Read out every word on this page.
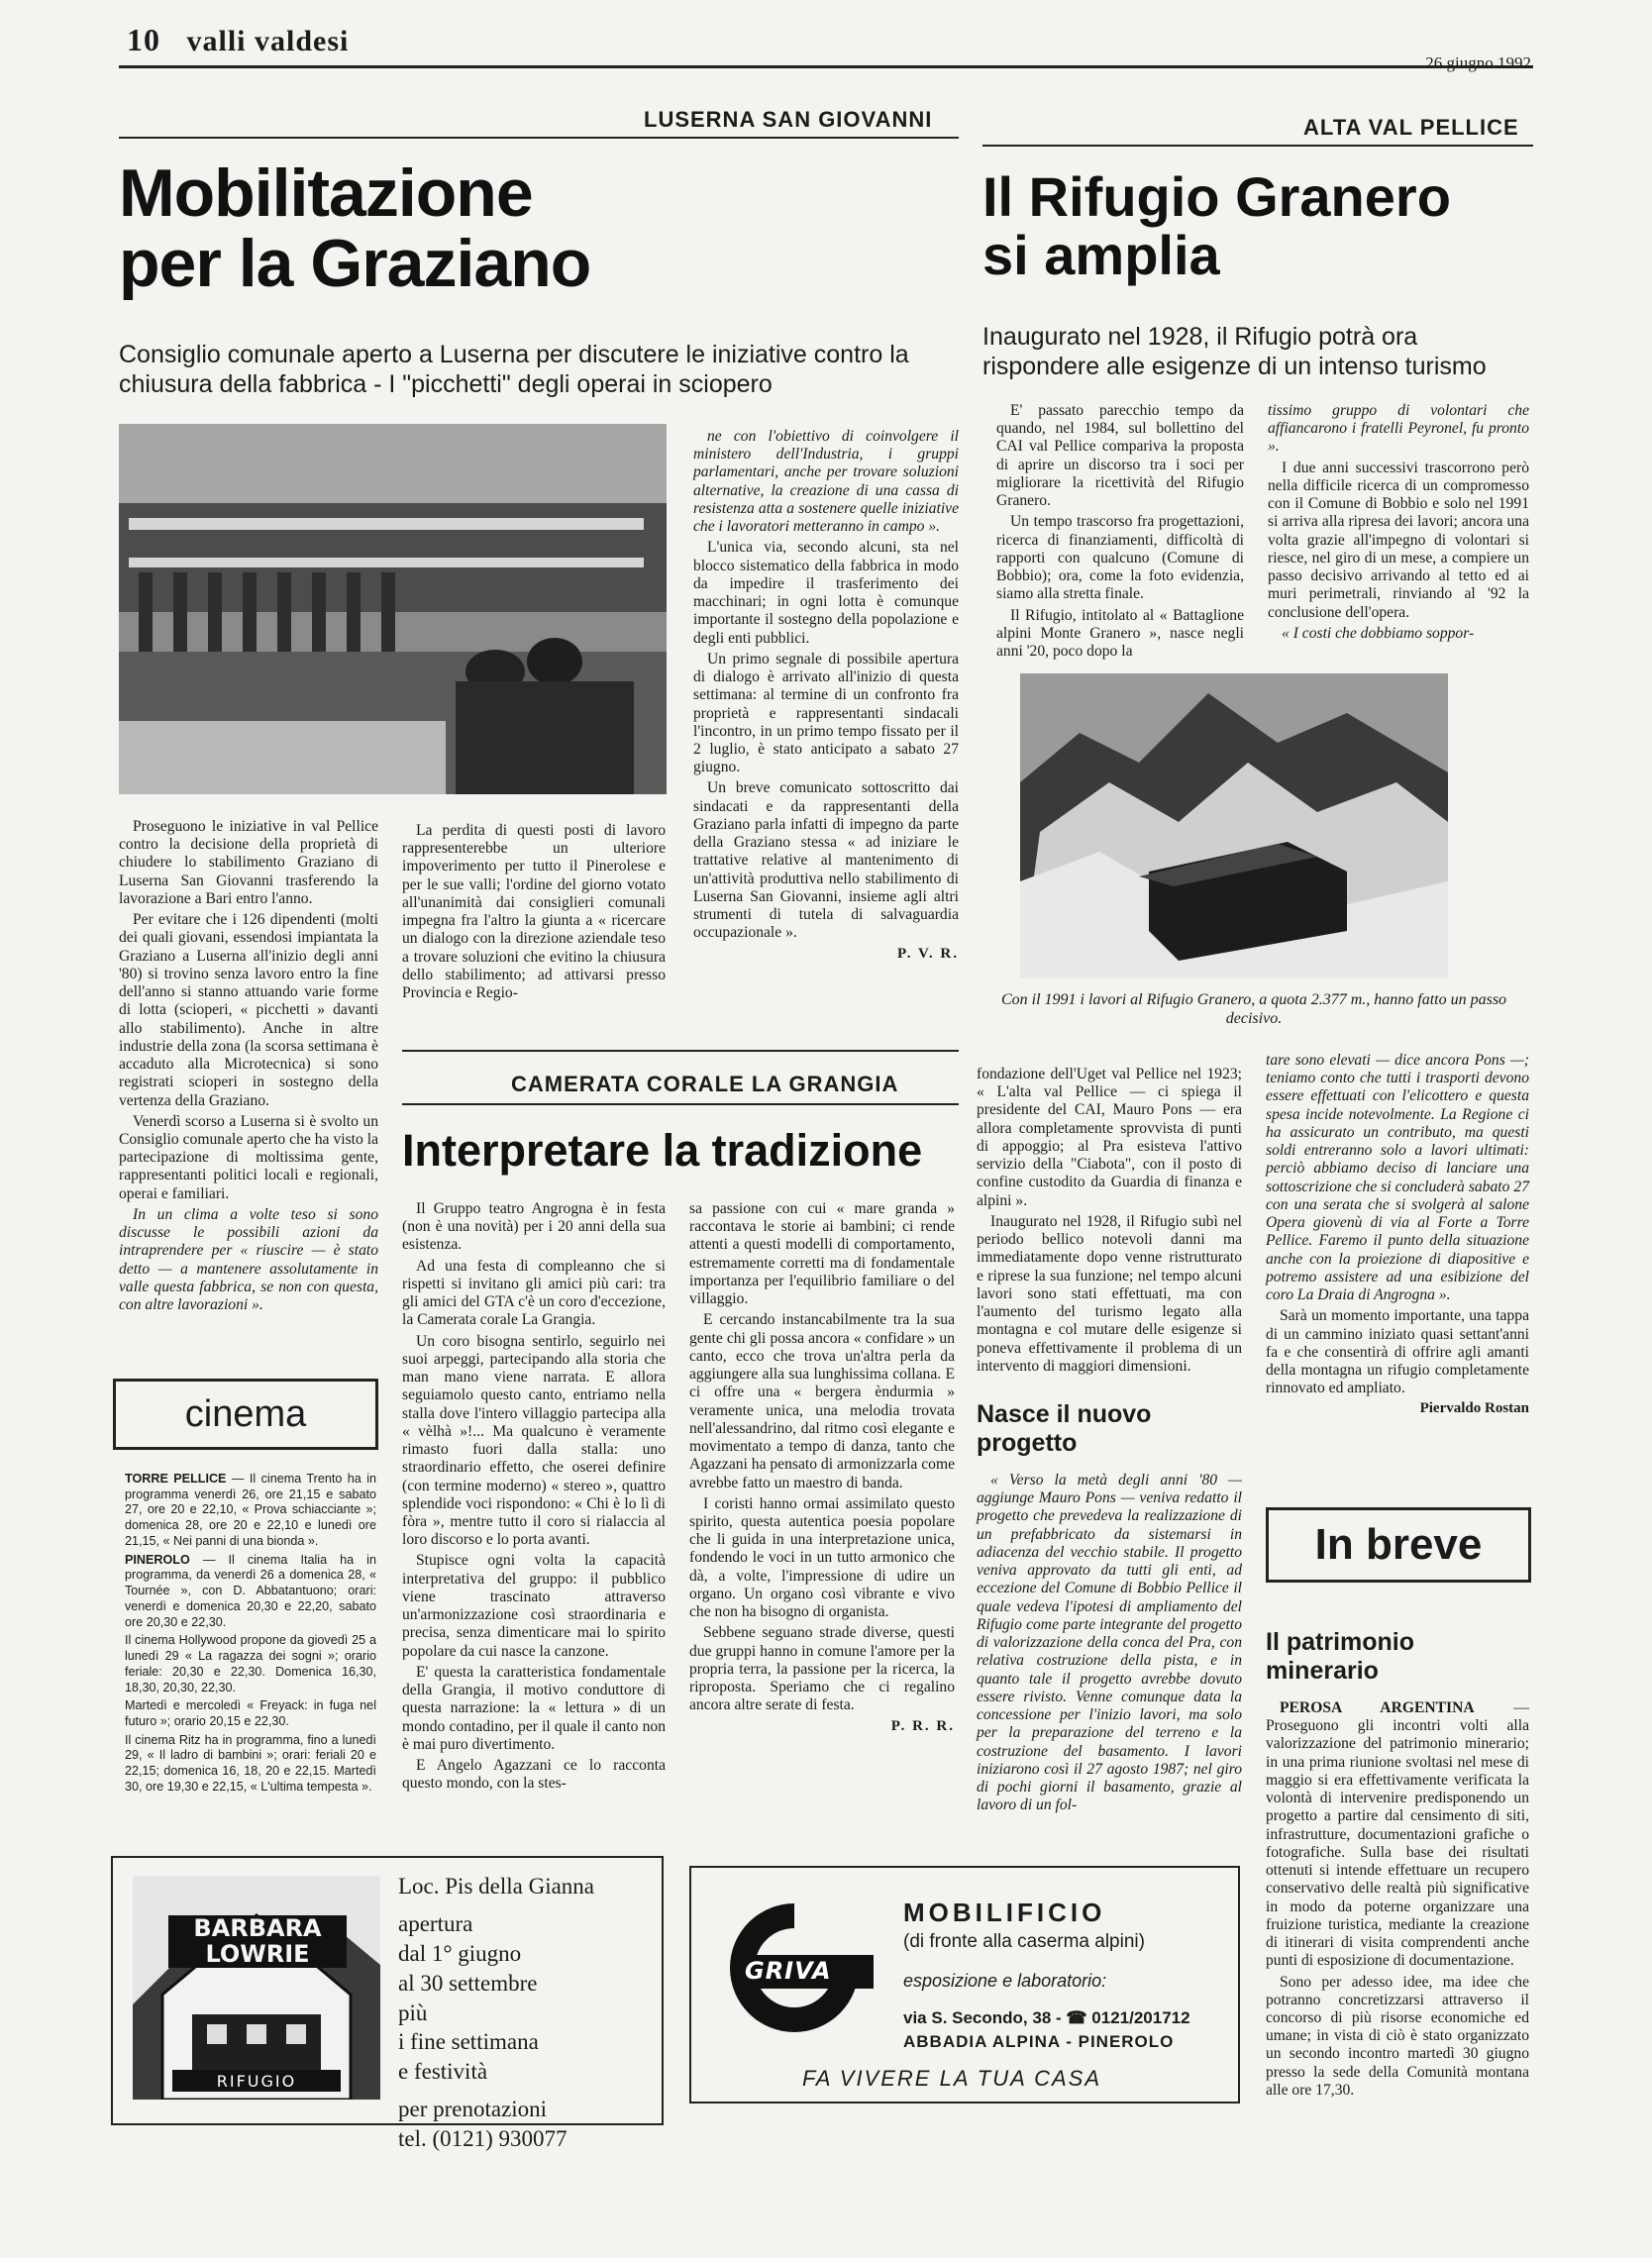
10 valli valdesi
26 giugno 1992
LUSERNA SAN GIOVANNI
Mobilitazione
per la Graziano
Consiglio comunale aperto a Luserna per discutere le iniziative contro la chiusura della fabbrica - I "picchetti" degli operai in sciopero

Proseguono le iniziative in val Pellice contro la decisione della proprietà di chiudere lo stabilimento Graziano di Luserna San Giovanni trasferendo la lavorazione a Bari entro l'anno.

Per evitare che i 126 dipendenti (molti dei quali giovani, essendosi impiantata la Graziano a Luserna all'inizio degli anni '80) si trovino senza lavoro entro la fine dell'anno si stanno attuando varie forme di lotta (scioperi, « picchetti » davanti allo stabilimento). Anche in altre industrie della zona (la scorsa settimana è accaduto alla Microtecnica) si sono registrati scioperi in sostegno della vertenza della Graziano.

Venerdì scorso a Luserna si è svolto un Consiglio comunale aperto che ha visto la partecipazione di moltissima gente, rappresentanti politici locali e regionali, operai e familiari.

In un clima a volte teso si sono discusse le possibili azioni da intraprendere per « riuscire — è stato detto — a mantenere assolutamente in valle questa fabbrica, se non con questa, con altre lavorazioni ».

La perdita di questi posti di lavoro rappresenterebbe un ulteriore impoverimento per tutto il Pinerolese e per le sue valli; l'ordine del giorno votato all'unanimità dai consiglieri comunali impegna fra l'altro la giunta a « ricercare un dialogo con la direzione aziendale teso a trovare soluzioni che evitino la chiusura dello stabilimento; ad attivarsi presso Provincia e Regio-

ne con l'obiettivo di coinvolgere il ministero dell'Industria, i gruppi parlamentari, anche per trovare soluzioni alternative, la creazione di una cassa di resistenza atta a sostenere quelle iniziative che i lavoratori metteranno in campo ».

L'unica via, secondo alcuni, sta nel blocco sistematico della fabbrica in modo da impedire il trasferimento dei macchinari; in ogni lotta è comunque importante il sostegno della popolazione e degli enti pubblici.

Un primo segnale di possibile apertura di dialogo è arrivato all'inizio di questa settimana: al termine di un confronto fra proprietà e rappresentanti sindacali l'incontro, in un primo tempo fissato per il 2 luglio, è stato anticipato a sabato 27 giugno.

Un breve comunicato sottoscritto dai sindacati e da rappresentanti della Graziano parla infatti di impegno da parte della Graziano stessa « ad iniziare le trattative relative al mantenimento di un'attività produttiva nello stabilimento di Luserna San Giovanni, insieme agli altri strumenti di tutela di salvaguardia occupazionale ».

P. V. R.
ALTA VAL PELLICE
Il Rifugio Granero
si amplia
Inaugurato nel 1928, il Rifugio potrà ora rispondere alle esigenze di un intenso turismo

E' passato parecchio tempo da quando, nel 1984, sul bollettino del CAI val Pellice compariva la proposta di aprire un discorso tra i soci per migliorare la ricettività del Rifugio Granero.

Un tempo trascorso fra progettazioni, ricerca di finanziamenti, difficoltà di rapporti con qualcuno (Comune di Bobbio); ora, come la foto evidenzia, siamo alla stretta finale.

Il Rifugio, intitolato al « Battaglione alpini Monte Granero », nasce negli anni '20, poco dopo la

tissimo gruppo di volontari che affiancarono i fratelli Peyronel, fu pronto ».

I due anni successivi trascorrono però nella difficile ricerca di un compromesso con il Comune di Bobbio e solo nel 1991 si arriva alla ripresa dei lavori; ancora una volta grazie all'impegno di volontari si riesce, nel giro di un mese, a compiere un passo decisivo arrivando al tetto ed ai muri perimetrali, rinviando al '92 la conclusione dell'opera.

« I costi che dobbiamo soppor-

Con il 1991 i lavori al Rifugio Granero, a quota 2.377 m., hanno fatto un passo decisivo.

fondazione dell'Uget val Pellice nel 1923; « L'alta val Pellice — ci spiega il presidente del CAI, Mauro Pons — era allora completamente sprovvista di punti di appoggio; al Pra esisteva l'attivo servizio della "Ciabota", con il posto di confine custodito da Guardia di finanza e alpini ».

Inaugurato nel 1928, il Rifugio subì nel periodo bellico notevoli danni ma immediatamente dopo venne ristrutturato e riprese la sua funzione; nel tempo alcuni lavori sono stati effettuati, ma con l'aumento del turismo legato alla montagna e col mutare delle esigenze si poneva effettivamente il problema di un intervento di maggiori dimensioni.

Nasce il nuovo progetto

« Verso la metà degli anni '80 — aggiunge Mauro Pons — veniva redatto il progetto che prevedeva la realizzazione di un prefabbricato da sistemarsi in adiacenza del vecchio stabile. Il progetto veniva approvato da tutti gli enti, ad eccezione del Comune di Bobbio Pellice il quale vedeva l'ipotesi di ampliamento del Rifugio come parte integrante del progetto di valorizzazione della conca del Pra, con relativa costruzione della pista, e in quanto tale il progetto avrebbe dovuto essere rivisto. Venne comunque data la concessione per l'inizio lavori, ma solo per la preparazione del terreno e la costruzione del basamento. I lavori iniziarono così il 27 agosto 1987; nel giro di pochi giorni il basamento, grazie al lavoro di un fol-

tare sono elevati — dice ancora Pons —; teniamo conto che tutti i trasporti devono essere effettuati con l'elicottero e questa spesa incide notevolmente. La Regione ci ha assicurato un contributo, ma questi soldi entreranno solo a lavori ultimati: perciò abbiamo deciso di lanciare una sottoscrizione che si concluderà sabato 27 con una serata che si svolgerà al salone Opera giovenù di via al Forte a Torre Pellice. Faremo il punto della situazione anche con la proiezione di diapositive e potremo assistere ad una esibizione del coro La Draia di Angrogna ».

Sarà un momento importante, una tappa di un cammino iniziato quasi settant'anni fa e che consentirà di offrire agli amanti della montagna un rifugio completamente rinnovato ed ampliato.

Piervaldo Rostan
CAMERATA CORALE LA GRANGIA
Interpretare la tradizione

Il Gruppo teatro Angrogna è in festa (non è una novità) per i 20 anni della sua esistenza.

Ad una festa di compleanno che si rispetti si invitano gli amici più cari: tra gli amici del GTA c'è un coro d'eccezione, la Camerata corale La Grangia.

Un coro bisogna sentirlo, seguirlo nei suoi arpeggi, partecipando alla storia che man mano viene narrata. E allora seguiamolo questo canto, entriamo nella stalla dove l'intero villaggio partecipa alla « vèlhà »!... Ma qualcuno è veramente rimasto fuori dalla stalla: uno straordinario effetto, che oserei definire (con termine moderno) « stereo », quattro splendide voci rispondono: « Chi è lo lì di fòra », mentre tutto il coro si rialaccia al loro discorso e lo porta avanti.

Stupisce ogni volta la capacità interpretativa del gruppo: il pubblico viene trascinato attraverso un'armonizzazione così straordinaria e precisa, senza dimenticare mai lo spirito popolare da cui nasce la canzone.

E' questa la caratteristica fondamentale della Grangia, il motivo conduttore di questa narrazione: la « lettura » di un mondo contadino, per il quale il canto non è mai puro divertimento.

E Angelo Agazzani ce lo racconta questo mondo, con la stes-

sa passione con cui « mare granda » raccontava le storie ai bambini; ci rende attenti a questi modelli di comportamento, estremamente corretti ma di fondamentale importanza per l'equilibrio familiare o del villaggio.

E cercando instancabilmente tra la sua gente chi gli possa ancora « confidare » un canto, ecco che trova un'altra perla da aggiungere alla sua lunghissima collana. E ci offre una « bergera èndurmia » veramente unica, una melodia trovata nell'alessandrino, dal ritmo così elegante e movimentato a tempo di danza, tanto che Agazzani ha pensato di armonizzarla come avrebbe fatto un maestro di banda.

I coristi hanno ormai assimilato questo spirito, questa autentica poesia popolare che li guida in una interpretazione unica, fondendo le voci in un tutto armonico che dà, a volte, l'impressione di udire un organo. Un organo così vibrante e vivo che non ha bisogno di organista.

Sebbene seguano strade diverse, questi due gruppi hanno in comune l'amore per la propria terra, la passione per la ricerca, la riproposta. Speriamo che ci regalino ancora altre serate di festa.

P. R. R.
cinema

TORRE PELLICE — Il cinema Trento ha in programma venerdì 26, ore 21,15 e sabato 27, ore 20 e 22,10, « Prova schiacciante »; domenica 28, ore 20 e 22,10 e lunedì ore 21,15, « Nei panni di una bionda ».

PINEROLO — Il cinema Italia ha in programma, da venerdì 26 a domenica 28, « Tournée », con D. Abbatantuono; orari: venerdì e domenica 20,30 e 22,20, sabato ore 20,30 e 22,30.

Il cinema Hollywood propone da giovedì 25 a lunedì 29 « La ragazza dei sogni »; orario feriale: 20,30 e 22,30. Domenica 16,30, 18,30, 20,30, 22,30.

Martedì e mercoledì « Freyack: in fuga nel futuro »; orario 20,15 e 22,30.

Il cinema Ritz ha in programma, fino a lunedì 29, « Il ladro di bambini »; orari: feriali 20 e 22,15; domenica 16, 18, 20 e 22,15. Martedì 30, ore 19,30 e 22,15, « L'ultima tempesta ».

BARBARA
LOWRIE
RIFUGIO
Loc. Pis della Gianna
apertura
dal 1° giugno
al 30 settembre
più
i fine settimana
e festività
per prenotazioni
tel. (0121) 930077
GRIVA
MOBILIFICIO
(di fronte alla caserma alpini)
esposizione e laboratorio:
via S. Secondo, 38 - ☎ 0121/201712
ABBADIA ALPINA - PINEROLO
FA VIVERE LA TUA CASA
In breve
Il patrimonio minerario

PEROSA ARGENTINA — Proseguono gli incontri volti alla valorizzazione del patrimonio minerario; in una prima riunione svoltasi nel mese di maggio si era effettivamente verificata la volontà di intervenire predisponendo un progetto a partire dal censimento di siti, infrastrutture, documentazioni grafiche o fotografiche. Sulla base dei risultati ottenuti si intende effettuare un recupero conservativo delle realtà più significative in modo da poterne organizzare una fruizione turistica, mediante la creazione di itinerari di visita comprendenti anche punti di esposizione di documentazione.

Sono per adesso idee, ma idee che potranno concretizzarsi attraverso il concorso di più risorse economiche ed umane; in vista di ciò è stato organizzato un secondo incontro martedì 30 giugno presso la sede della Comunità montana alle ore 17,30.
